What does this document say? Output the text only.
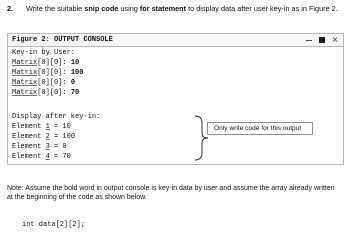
2. Write the suitable snip code using for statement to display data after user key-in as in Figure 2.
Figure 2: OUTPUT CONSOLE	×
Key-in by User:
Matrix[0][0]: 10
Matrix[0][0]: 100
Matrix[0][0]: 0
Matrix[0][0]: 70
Display after key-in:
Element 1 = 10
Element 2 = 100
Element 3 = 0
Element 4 = 70
Only write code for this output
Note: Assume the bold word in output console is key-in data by user and assume the array already written at the beginning of the code as shown below.
int data[2][2];
